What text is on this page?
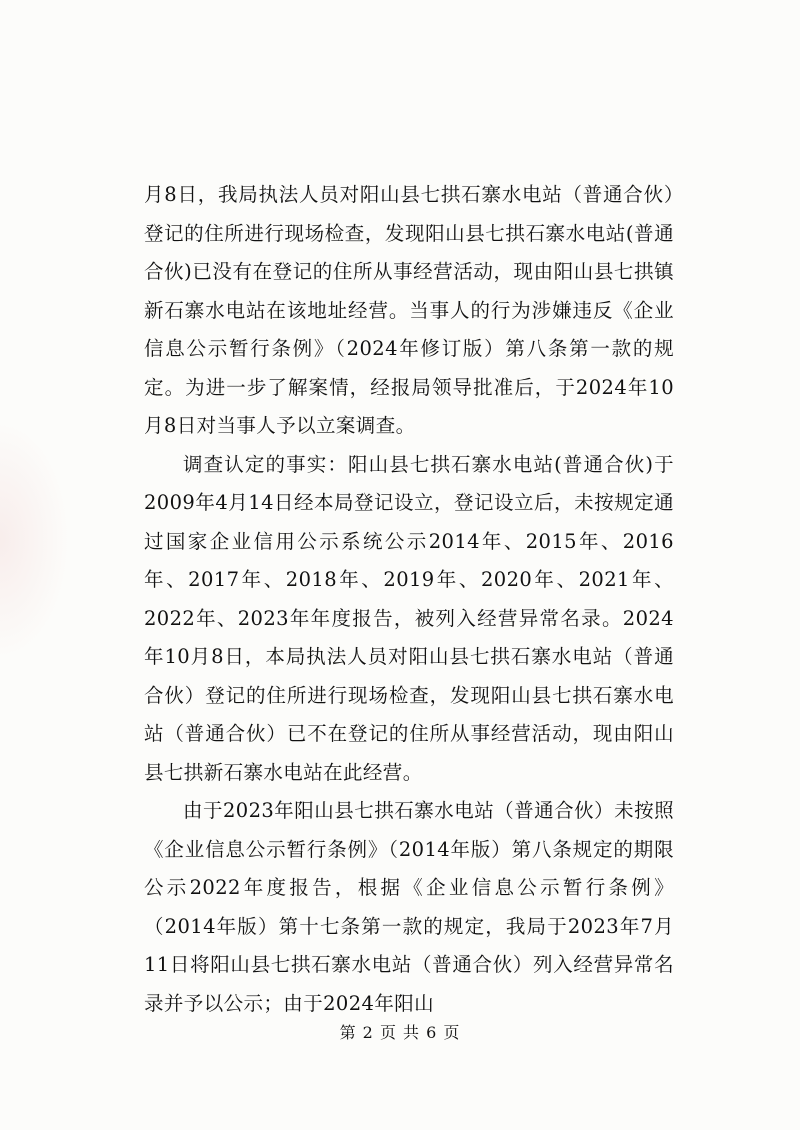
月8日，我局执法人员对阳山县七拱石寨水电站（普通合伙）登记的住所进行现场检查，发现阳山县七拱石寨水电站(普通合伙)已没有在登记的住所从事经营活动，现由阳山县七拱镇新石寨水电站在该地址经营。当事人的行为涉嫌违反《企业信息公示暂行条例》（2024年修订版）第八条第一款的规定。为进一步了解案情，经报局领导批准后，于2024年10月8日对当事人予以立案调查。

调查认定的事实：阳山县七拱石寨水电站(普通合伙)于2009年4月14日经本局登记设立，登记设立后，未按规定通过国家企业信用公示系统公示2014年、2015年、2016年、2017年、2018年、2019年、2020年、2021年、2022年、2023年年度报告，被列入经营异常名录。2024年10月8日，本局执法人员对阳山县七拱石寨水电站（普通合伙）登记的住所进行现场检查，发现阳山县七拱石寨水电站（普通合伙）已不在登记的住所从事经营活动，现由阳山县七拱新石寨水电站在此经营。

由于2023年阳山县七拱石寨水电站（普通合伙）未按照《企业信息公示暂行条例》（2014年版）第八条规定的期限公示2022年度报告，根据《企业信息公示暂行条例》（2014年版）第十七条第一款的规定，我局于2023年7月11日将阳山县七拱石寨水电站（普通合伙）列入经营异常名录并予以公示；由于2024年阳山

第 2 页 共 6 页
